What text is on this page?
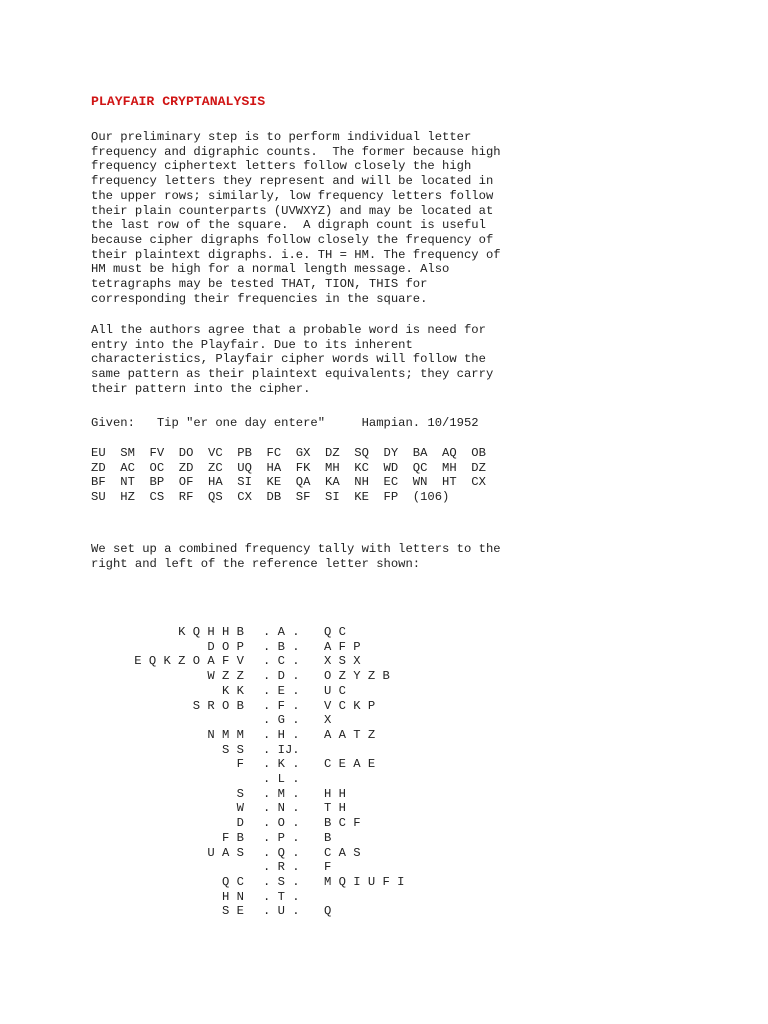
PLAYFAIR CRYPTANALYSIS
Our preliminary step is to perform individual letter
frequency and digraphic counts.  The former because high
frequency ciphertext letters follow closely the high
frequency letters they represent and will be located in
the upper rows; similarly, low frequency letters follow
their plain counterparts (UVWXYZ) and may be located at
the last row of the square.  A digraph count is useful
because cipher digraphs follow closely the frequency of
their plaintext digraphs. i.e. TH = HM. The frequency of
HM must be high for a normal length message. Also
tetragraphs may be tested THAT, TION, THIS for
corresponding their frequencies in the square.
All the authors agree that a probable word is need for
entry into the Playfair. Due to its inherent
characteristics, Playfair cipher words will follow the
same pattern as their plaintext equivalents; they carry
their pattern into the cipher.
Given:   Tip "er one day entere"     Hampian. 10/1952
EU  SM  FV  DO  VC  PB  FC  GX  DZ  SQ  DY  BA  AQ  OB
ZD  AC  OC  ZD  ZC  UQ  HA  FK  MH  KC  WD  QC  MH  DZ
BF  NT  BP  OF  HA  SI  KE  QA  KA  NH  EC  WN  HT  CX
SU  HZ  CS  RF  QS  CX  DB  SF  SI  KE  FP  (106)
We set up a combined frequency tally with letters to the
right and left of the reference letter shown:
K Q H H B . A . Q C
D O P . B . A F P
E Q K Z O A F V . C . X S X
W Z Z . D . O Z Y Z B
K K . E . U C
S R O B . F . V C K P
. G . X
N M M . H . A A T Z
S S . IJ.
F . K . C E A E
. L .
S . M . H H
W . N . T H
D . O . B C F
F B . P . B
U A S . Q . C A S
. R . F
Q C . S . M Q I U F I
H N . T .
S E . U . Q
